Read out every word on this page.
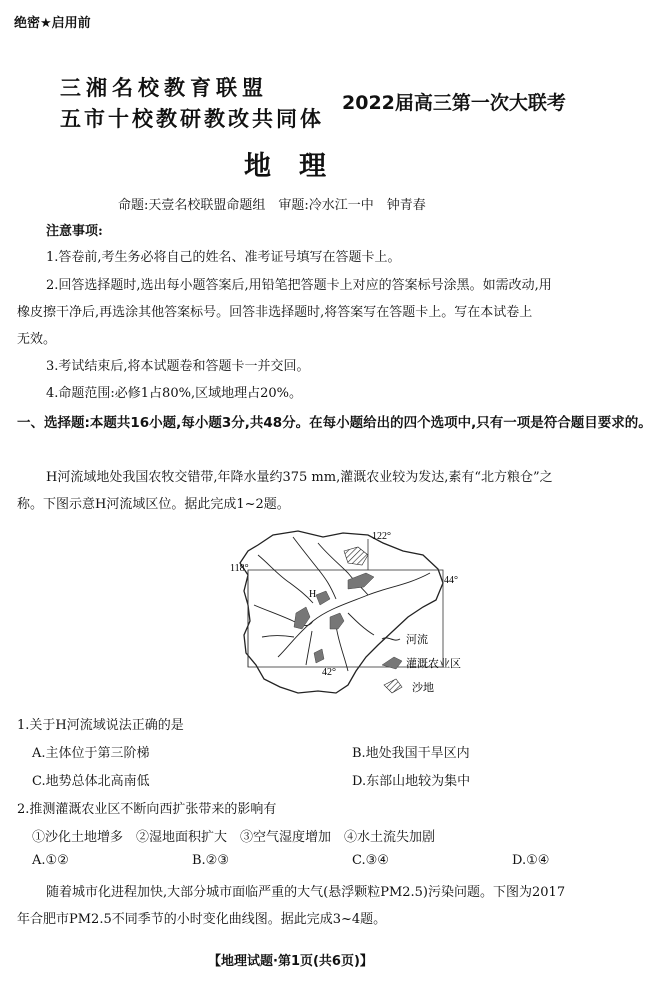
绝密★启用前
三湘名校教育联盟
五市十校教研教改共同体
2022届高三第一次大联考
地理
命题:天壹名校联盟命题组　审题:冷水江一中　钟青春
注意事项:
1.答卷前,考生务必将自己的姓名、准考证号填写在答题卡上。
2.回答选择题时,选出每小题答案后,用铅笔把答题卡上对应的答案标号涂黑。如需改动,用
橡皮擦干净后,再选涂其他答案标号。回答非选择题时,将答案写在答题卡上。写在本试卷上
无效。
3.考试结束后,将本试题卷和答题卡一并交回。
4.命题范围:必修1占80%,区域地理占20%。
一、选择题:本题共16小题,每小题3分,共48分。在每小题给出的四个选项中,只有一项是符合题目要求的。
H河流域地处我国农牧交错带,年降水量约375 mm,灌溉农业较为发达,素有“北方粮仓”之
称。下图示意H河流域区位。据此完成1~2题。
122°
118°
44°
42°
H
河流
灌溉农业区
沙地
1.关于H河流域说法正确的是
A.主体位于第三阶梯	B.地处我国干旱区内
C.地势总体北高南低	D.东部山地较为集中
2.推测灌溉农业区不断向西扩张带来的影响有
①沙化土地增多　②湿地面积扩大　③空气湿度增加　④水土流失加剧
A.①②	B.②③	C.③④	D.①④
随着城市化进程加快,大部分城市面临严重的大气(悬浮颗粒PM2.5)污染问题。下图为2017
年合肥市PM2.5不同季节的小时变化曲线图。据此完成3~4题。
【地理试题·第1页(共6页)】
